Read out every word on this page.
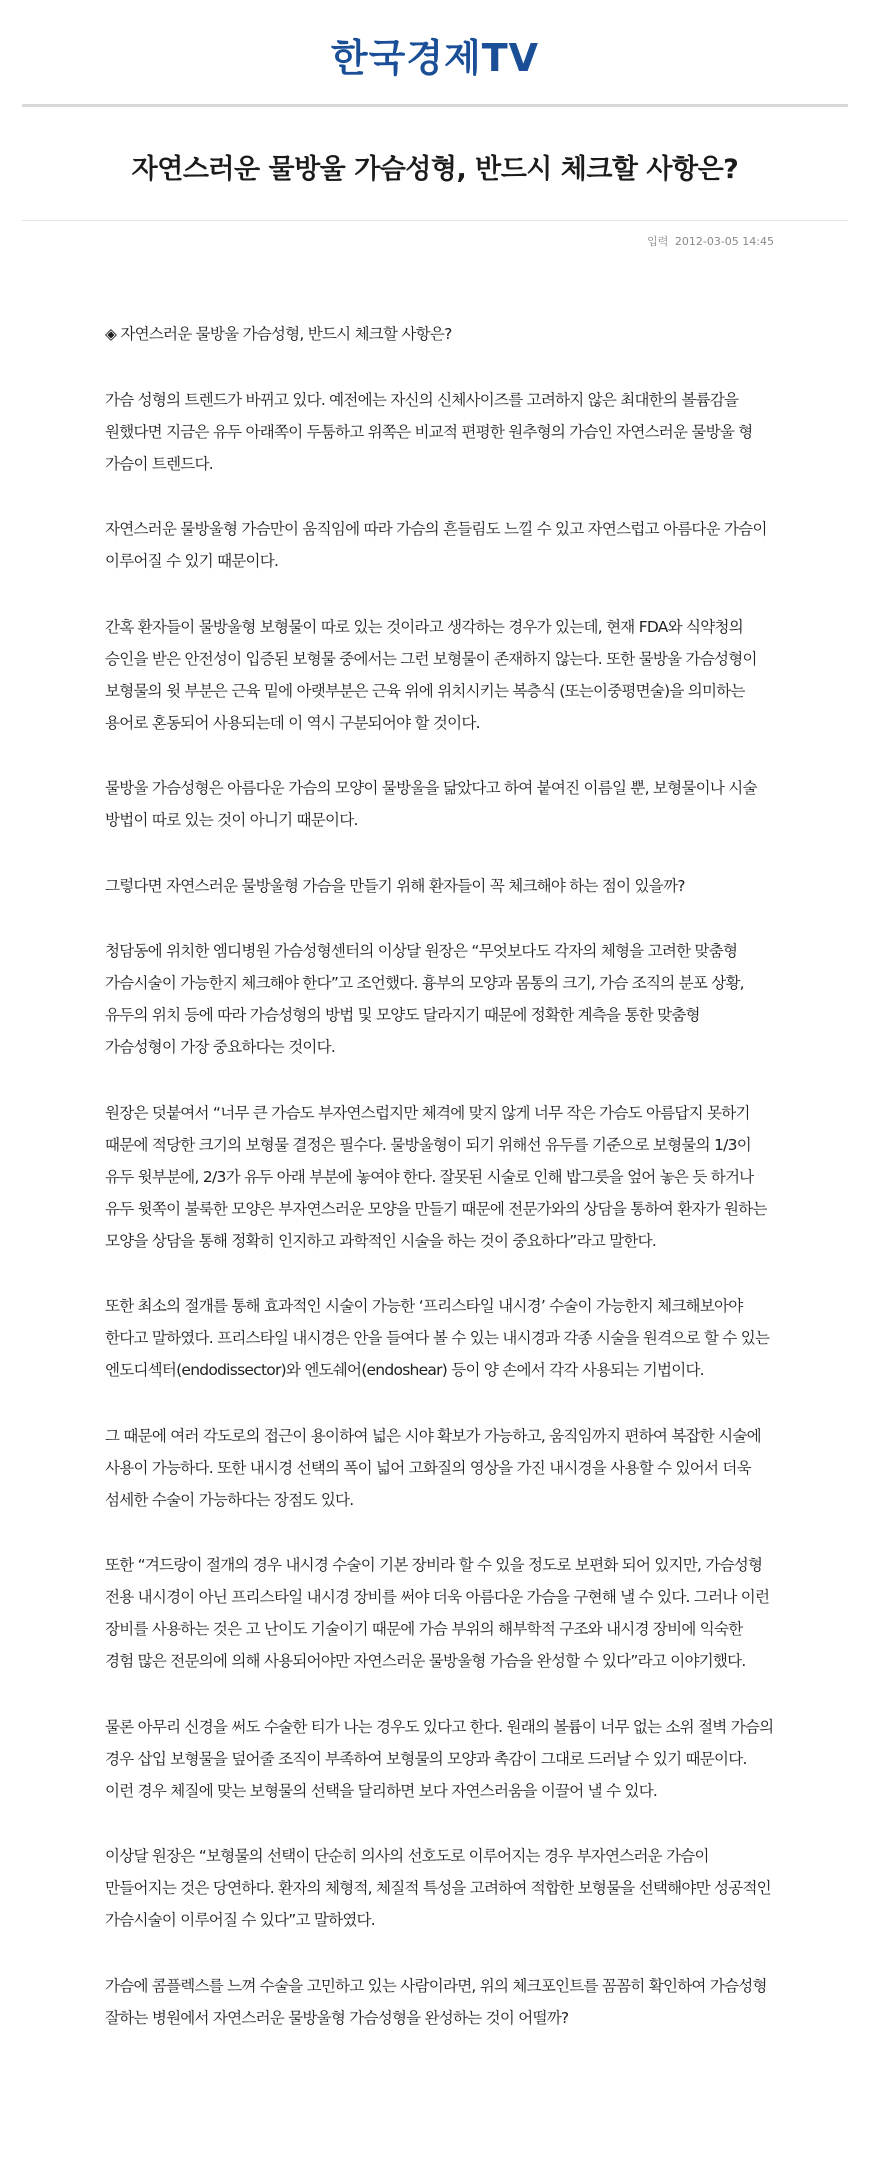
한국경제TV
자연스러운 물방울 가슴성형, 반드시 체크할 사항은?
입력 2012-03-05 14:45

◈ 자연스러운 물방울 가슴성형, 반드시 체크할 사항은?

가슴 성형의 트렌드가 바뀌고 있다. 예전에는 자신의 신체사이즈를 고려하지 않은 최대한의 볼륨감을 원했다면 지금은 유두 아래쪽이 두툼하고 위쪽은 비교적 편평한 원추형의 가슴인 자연스러운 물방울 형 가슴이 트렌드다.

자연스러운 물방울형 가슴만이 움직임에 따라 가슴의 흔들림도 느낄 수 있고 자연스럽고 아름다운 가슴이 이루어질 수 있기 때문이다.

간혹 환자들이 물방울형 보형물이 따로 있는 것이라고 생각하는 경우가 있는데, 현재 FDA와 식약청의 승인을 받은 안전성이 입증된 보형물 중에서는 그런 보형물이 존재하지 않는다. 또한 물방울 가슴성형이 보형물의 윗 부분은 근육 밑에 아랫부분은 근육 위에 위치시키는 복층식 (또는이중평면술)을 의미하는 용어로 혼동되어 사용되는데 이 역시 구분되어야 할 것이다.

물방울 가슴성형은 아름다운 가슴의 모양이 물방울을 닮았다고 하여 붙여진 이름일 뿐, 보형물이나 시술 방법이 따로 있는 것이 아니기 때문이다.

그렇다면 자연스러운 물방울형 가슴을 만들기 위해 환자들이 꼭 체크해야 하는 점이 있을까?

청담동에 위치한 엠디병원 가슴성형센터의 이상달 원장은 “무엇보다도 각자의 체형을 고려한 맞춤형 가슴시술이 가능한지 체크해야 한다”고 조언했다. 흉부의 모양과 몸통의 크기, 가슴 조직의 분포 상황, 유두의 위치 등에 따라 가슴성형의 방법 및 모양도 달라지기 때문에 정확한 계측을 통한 맞춤형 가슴성형이 가장 중요하다는 것이다.

원장은 덧붙여서 “너무 큰 가슴도 부자연스럽지만 체격에 맞지 않게 너무 작은 가슴도 아름답지 못하기 때문에 적당한 크기의 보형물 결정은 필수다. 물방울형이 되기 위해선 유두를 기준으로 보형물의 1/3이 유두 윗부분에, 2/3가 유두 아래 부분에 놓여야 한다. 잘못된 시술로 인해 밥그릇을 엎어 놓은 듯 하거나 유두 윗쪽이 불룩한 모양은 부자연스러운 모양을 만들기 때문에 전문가와의 상담을 통하여 환자가 원하는 모양을 상담을 통해 정확히 인지하고 과학적인 시술을 하는 것이 중요하다”라고 말한다.

또한 최소의 절개를 통해 효과적인 시술이 가능한 ‘프리스타일 내시경’ 수술이 가능한지 체크해보아야 한다고 말하였다. 프리스타일 내시경은 안을 들여다 볼 수 있는 내시경과 각종 시술을 원격으로 할 수 있는 엔도디섹터(endodissector)와 엔도쉐어(endoshear) 등이 양 손에서 각각 사용되는 기법이다.

그 때문에 여러 각도로의 접근이 용이하여 넓은 시야 확보가 가능하고, 움직임까지 편하여 복잡한 시술에 사용이 가능하다. 또한 내시경 선택의 폭이 넓어 고화질의 영상을 가진 내시경을 사용할 수 있어서 더욱 섬세한 수술이 가능하다는 장점도 있다.

또한 “겨드랑이 절개의 경우 내시경 수술이 기본 장비라 할 수 있을 정도로 보편화 되어 있지만, 가슴성형 전용 내시경이 아닌 프리스타일 내시경 장비를 써야 더욱 아름다운 가슴을 구현해 낼 수 있다. 그러나 이런 장비를 사용하는 것은 고 난이도 기술이기 때문에 가슴 부위의 해부학적 구조와 내시경 장비에 익숙한 경험 많은 전문의에 의해 사용되어야만 자연스러운 물방울형 가슴을 완성할 수 있다”라고 이야기했다.

물론 아무리 신경을 써도 수술한 티가 나는 경우도 있다고 한다. 원래의 볼륨이 너무 없는 소위 절벽 가슴의 경우 삽입 보형물을 덮어줄 조직이 부족하여 보형물의 모양과 촉감이 그대로 드러날 수 있기 때문이다. 이런 경우 체질에 맞는 보형물의 선택을 달리하면 보다 자연스러움을 이끌어 낼 수 있다.

이상달 원장은 “보형물의 선택이 단순히 의사의 선호도로 이루어지는 경우 부자연스러운 가슴이 만들어지는 것은 당연하다. 환자의 체형적, 체질적 특성을 고려하여 적합한 보형물을 선택해야만 성공적인 가슴시술이 이루어질 수 있다”고 말하였다.

가슴에 콤플렉스를 느껴 수술을 고민하고 있는 사람이라면, 위의 체크포인트를 꼼꼼히 확인하여 가슴성형 잘하는 병원에서 자연스러운 물방울형 가슴성형을 완성하는 것이 어떨까?
